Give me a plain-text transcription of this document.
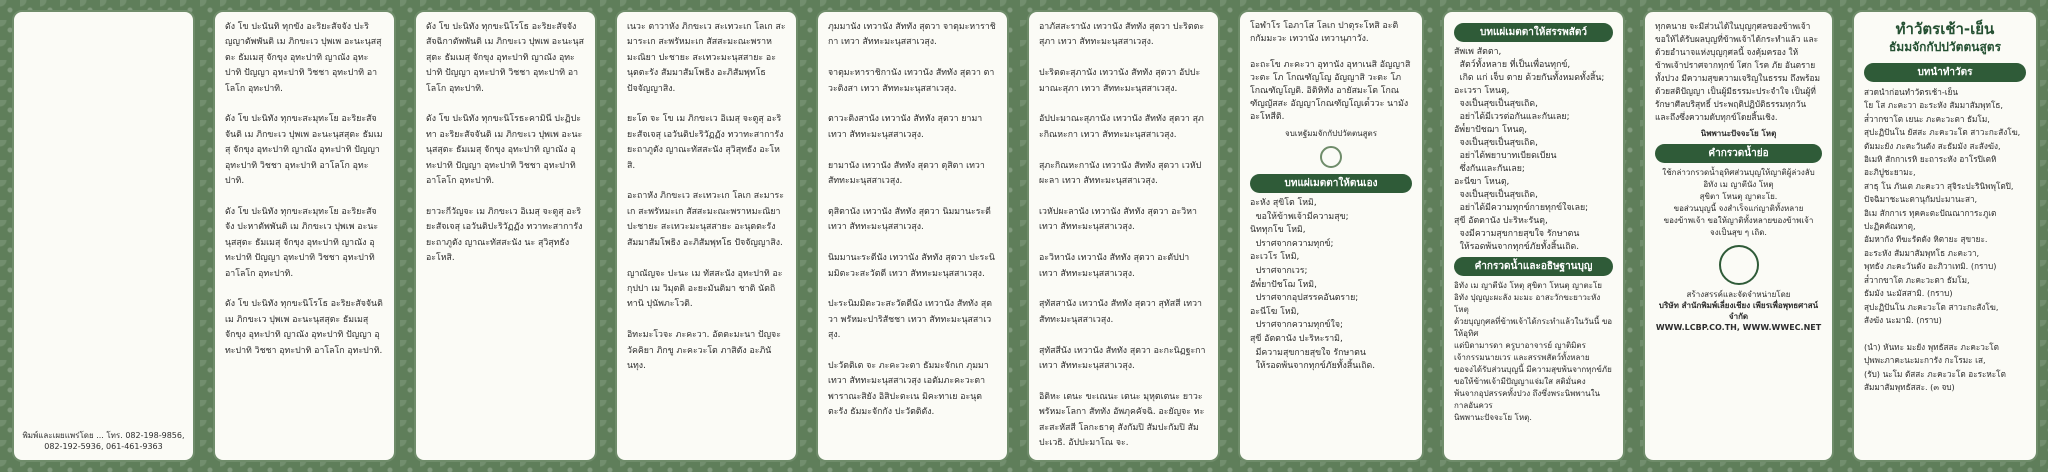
พิมพ์และเผยแพร่โดย ... โทร. 082-198-9856,
082-192-5936, 061-461-9363

ดัง โข ปะนันทิ ทุกขัง อะริยะสัจจัง ปะริญญาตัพพันติ เม ภิกขะเว ปุพเพ อะนะนุสสุตะ ธัมเมสุ จักขุง อุทะปาทิ ญาณัง อุทะปาทิ ปัญญา อุทะปาทิ วิชชา อุทะปาทิ อาโลโก อุทะปาทิ.

ดัง โข ปะนิทัง ทุกขะสะมุทะโย อะริยะสัจจันติ เม ภิกขะเว ปุพเพ อะนะนุสสุตะ ธัมเมสุ จักขุง อุทะปาทิ ญาณัง อุทะปาทิ ปัญญา อุทะปาทิ วิชชา อุทะปาทิ อาโลโก อุทะปาทิ.

ดัง โข ปะนิทัง ทุกขะสะมุทะโย อะริยะสัจจัง ปะหาตัพพันติ เม ภิกขะเว ปุพเพ อะนะนุสสุตะ ธัมเมสุ จักขุง อุทะปาทิ ญาณัง อุทะปาทิ ปัญญา อุทะปาทิ วิชชา อุทะปาทิ อาโลโก อุทะปาทิ.

ดัง โข ปะนิทัง ทุกขะนิโรโธ อะริยะสัจจันติ เม ภิกขะเว ปุพเพ อะนะนุสสุตะ ธัมเมสุ จักขุง อุทะปาทิ ญาณัง อุทะปาทิ ปัญญา อุทะปาทิ วิชชา อุทะปาทิ อาโลโก อุทะปาทิ.

ดัง โข ปะนิทัง ทุกขะนิโรโธ อะริยะสัจจัง สัจฉิกาตัพพันติ เม ภิกขะเว ปุพเพ อะนะนุสสุตะ ธัมเมสุ จักขุง อุทะปาทิ ญาณัง อุทะปาทิ ปัญญา อุทะปาทิ วิชชา อุทะปาทิ อาโลโก อุทะปาทิ.

ดัง โข ปะนิทัง ทุกขะนิโรธะคามินี ปะฏิปะทา อะริยะสัจจันติ เม ภิกขะเว ปุพเพ อะนะนุสสุตะ ธัมเมสุ จักขุง อุทะปาทิ ญาณัง อุทะปาทิ ปัญญา อุทะปาทิ วิชชา อุทะปาทิ อาโลโก อุทะปาทิ.

ยาวะกีวัญจะ เม ภิกขะเว อิเมสุ จะตูสุ อะริยะสัจเจสุ เอวันติปะริวัฏฏัง ทวาทะสาการัง ยะถาภูตัง ญาณะทัสสะนัง นะ สุวิสุทธัง อะโหสิ.

เนวะ ตาวาหัง ภิกขะเว สะเทวะเก โลเก สะมาระเก สะพรัหมะเก สัสสะมะณะพราหมะณิยา ปะชายะ สะเทวะมะนุสสายะ อะนุตตะรัง สัมมาสัมโพธิง อะภิสัมพุทโธ ปัจจัญญาสิง.

ยะโต จะ โข เม ภิกขะเว อิเมสุ จะตูสุ อะริยะสัจเจสุ เอวันติปะริวัฏฏัง ทวาทะสาการัง ยะถาภูตัง ญาณะทัสสะนัง สุวิสุทธัง อะโหสิ.

อะถาหัง ภิกขะเว สะเทวะเก โลเก สะมาระเก สะพรัหมะเก สัสสะมะณะพราหมะณิยา ปะชายะ สะเทวะมะนุสสายะ อะนุตตะรัง สัมมาสัมโพธิง อะภิสัมพุทโธ ปัจจัญญาสิง.

ญาณัญจะ ปะนะ เม ทัสสะนัง อุทะปาทิ อะกุปปา เม วิมุตติ อะยะมันติมา ชาติ นัตถิ ทานิ ปุนัพภะโวติ.

อิทะมะโวจะ ภะคะวา. อัตตะมะนา ปัญจะวัคคิยา ภิกขู ภะคะวะโต ภาสิตัง อะภินันทุง.

ภุมมานัง เทวานัง สัททัง สุตวา จาตุมะหาราชิกา เทวา สัททะมะนุสสาเวสุง.

จาตุมะหาราชิกานัง เทวานัง สัททัง สุตวา ตาวะติงสา เทวา สัททะมะนุสสาเวสุง.

ตาวะติงสานัง เทวานัง สัททัง สุตวา ยามา เทวา สัททะมะนุสสาเวสุง.

ยามานัง เทวานัง สัททัง สุตวา ตุสิตา เทวา สัททะมะนุสสาเวสุง.

ตุสิตานัง เทวานัง สัททัง สุตวา นิมมานะระตี เทวา สัททะมะนุสสาเวสุง.

นิมมานะระตีนัง เทวานัง สัททัง สุตวา ปะระนิมมิตะวะสะวัตตี เทวา สัททะมะนุสสาเวสุง.

ปะระนิมมิตะวะสะวัตตีนัง เทวานัง สัททัง สุตวา พรัหมะปาริสัชชา เทวา สัททะมะนุสสาเวสุง.

ปะวัตติเต จะ ภะคะวะตา ธัมมะจักเก ภุมมา เทวา สัททะมะนุสสาเวสุง เอตัมภะคะวะตา พาราณะสิยัง อิสิปะตะเน มิคะทาเย อะนุตตะรัง ธัมมะจักกัง ปะวัตติตัง.

อาภัสสะรานัง เทวานัง สัททัง สุตวา ปะริตตะสุภา เทวา สัททะมะนุสสาเวสุง.

ปะริตตะสุภานัง เทวานัง สัททัง สุตวา อัปปะมาณะสุภา เทวา สัททะมะนุสสาเวสุง.

อัปปะมาณะสุภานัง เทวานัง สัททัง สุตวา สุภะกิณหะกา เทวา สัททะมะนุสสาเวสุง.

สุภะกิณหะกานัง เทวานัง สัททัง สุตวา เวหัปผะลา เทวา สัททะมะนุสสาเวสุง.

เวหัปผะลานัง เทวานัง สัททัง สุตวา อะวิหา เทวา สัททะมะนุสสาเวสุง.

อะวิหานัง เทวานัง สัททัง สุตวา อะตัปปา เทวา สัททะมะนุสสาเวสุง.

สุทัสสานัง เทวานัง สัททัง สุตวา สุทัสสี เทวา สัททะมะนุสสาเวสุง.

สุทัสสีนัง เทวานัง สัททัง สุตวา อะกะนิฏฐะกา เทวา สัททะมะนุสสาเวสุง.

อิติหะ เตนะ ขะเณนะ เตนะ มุหุตเตนะ ยาวะ พรัหมะโลกา สัททัง อัพภุคคัจฉิ. อะยัญจะ ทะสะสะหัสสี โลกะธาตุ สังกัมปิ สัมปะกัมปิ สัมปะเวธิ. อัปปะมาโณ จะ.

โอฬาโร โอภาโส โลเก ปาตุระโหสิ อะติกกัมมะวะ เทวานัง เทวานุภาวัง.

อะถะโข ภะคะวา อุทานัง อุทาเนสิ อัญญาสิ วะตะ โภ โกณฑัญโญ อัญญาสิ วะตะ โภ โกณฑัญโญติ. อิติหิทัง อายัสมะโต โกณฑัญญัสสะ อัญญาโกณฑัญโญเต๎ววะ นามัง อะโหสีติ.

จบเหฐัมมจักกัปปวัตตนสูตร
บทแผ่เมตตาให้ตนเอง

อะหัง สุขิโต โหมิ,
ขอให้ข้าพเจ้ามีความสุข;
นิททุกโข โหมิ,
ปราศจากความทุกข์;
อะเวโร โหมิ,
ปราศจากเวร;
อัพ๎ยาปัชโฌ โหมิ,
ปราศจากอุปสรรคอันตราย;
อะนีโฆ โหมิ,
ปราศจากความทุกข์ใจ;
สุขี อัตตานัง ปะริหะรามิ,
มีความสุขกายสุขใจ รักษาตน
ให้รอดพ้นจากทุกข์ภัยทั้งสิ้นเถิด.

บทแผ่เมตตาให้สรรพสัตว์

สัพเพ สัตตา,
สัตว์ทั้งหลาย ที่เป็นเพื่อนทุกข์,
เกิด แก่ เจ็บ ตาย ด้วยกันทั้งหมดทั้งสิ้น;
อะเวรา โหนตุ,
จงเป็นสุขเป็นสุขเถิด,
อย่าได้มีเวรต่อกันและกันเลย;
อัพ๎ยาปัชฌา โหนตุ,
จงเป็นสุขเป็นสุขเถิด,
อย่าได้พยาบาทเบียดเบียน
ซึ่งกันและกันเลย;
อะนีฆา โหนตุ,
จงเป็นสุขเป็นสุขเถิด,
อย่าได้มีความทุกข์กายทุกข์ใจเลย;
สุขี อัตตานัง ปะริหะรันตุ,
จงมีความสุขกายสุขใจ รักษาตน
ให้รอดพ้นจากทุกข์ภัยทั้งสิ้นเถิด.

คำกรวดน้ำและอธิษฐานบุญ

อิทัง เม ญาตีนัง โหตุ สุขิตา โหนตุ ญาตะโย
อิทัง ปุญญะผะลัง มะมะ อาสะวักขะยาวะหัง โหตุ
ด้วยบุญกุศลที่ข้าพเจ้าได้กระทำแล้วในวันนี้ ขอให้อุทิศ
แด่บิดามารดา ครูบาอาจารย์ ญาติมิตร
เจ้ากรรมนายเวร และสรรพสัตว์ทั้งหลาย
ขอจงได้รับส่วนบุญนี้ มีความสุขพ้นจากทุกข์ภัย
ขอให้ข้าพเจ้ามีปัญญาแจ่มใส สติมั่นคง
พ้นจากอุปสรรคทั้งปวง ถึงซึ่งพระนิพพานในกาลอันควร
นิพพานะปัจจะโย โหตุ.

ทุกคนาย จะมีส่วนได้ในบุญกุศลของข้าพเจ้า ขอให้ได้รับผลบุญที่ข้าพเจ้าได้กระทำแล้ว และด้วยอำนาจแห่งบุญกุศลนี้ จงคุ้มครอง ให้ข้าพเจ้าปราศจากทุกข์ โศก โรค ภัย อันตราย ทั้งปวง มีความสุขความเจริญในธรรม ถึงพร้อม ด้วยสติปัญญา เป็นผู้มีธรรมะประจำใจ เป็นผู้ที่รักษาศีลบริสุทธิ์ ประพฤติปฏิบัติธรรมทุกวัน และถึงซึ่งความดับทุกข์โดยสิ้นเชิง.

นิพพานะปัจจะโย โหตุ
คำกรวดน้ำย่อ
ใช้กล่าวกรวดน้ำอุทิศส่วนบุญให้ญาติผู้ล่วงลับ
อิทัง เม ญาตีนัง โหตุ
สุขิตา โหนตุ ญาตะโย.
ขอส่วนบุญนี้ จงสำเร็จแก่ญาติทั้งหลาย
ของข้าพเจ้า ขอให้ญาติทั้งหลายของข้าพเจ้า
จงเป็นสุข ๆ เถิด.
สร้างสรรค์และจัดจำหน่ายโดย
บริษัท สำนักพิมพ์เลี่ยงเชียง เพียรเพื่อพุทธศาสน์ จำกัด
WWW.LCBP.CO.TH, WWW.WWEC.NET
ทำวัตรเช้า-เย็น
ธัมมจักกัปปวัตตนสูตร
บทนำทำวัตร

สวดนำก่อนทำวัตรเช้า-เย็น
โย โส ภะคะวา อะระหัง สัมมาสัมพุทโธ,
ส๎วากขาโต เยนะ ภะคะวะตา ธัมโม,
สุปะฏิปันโน ยัสสะ ภะคะวะโต สาวะกะสังโฆ,
ตัมมะยัง ภะคะวันตัง สะธัมมัง สะสังฆัง,
อิเมหิ สักกาเรหิ ยะถาระหัง อาโรปิเตหิ
อะภิปูชะยามะ,
สาธุ โน ภันเต ภะคะวา สุจิระปะรินิพพุโตปิ,
ปัจฉิมาชะนะตานุกัมปะมานะสา,
อิเม สักกาเร ทุคคะตะปัณณาการะภูเต
ปะฏิคคัณหาตุ,
อัมหากัง ทีฆะรัตตัง หิตายะ สุขายะ.
อะระหัง สัมมาสัมพุทโธ ภะคะวา,
พุทธัง ภะคะวันตัง อะภิวาเทมิ. (กราบ)
ส๎วากขาโต ภะคะวะตา ธัมโม,
ธัมมัง นะมัสสามิ. (กราบ)
สุปะฏิปันโน ภะคะวะโต สาวะกะสังโฆ,
สังฆัง นะมามิ. (กราบ)

(นำ) หันทะ มะยัง พุทธัสสะ ภะคะวะโต
ปุพพะภาคะนะมะการัง กะโรมะ เส,
(รับ) นะโม ตัสสะ ภะคะวะโต อะระหะโต
สัมมาสัมพุทธัสสะ. (๓ จบ)
